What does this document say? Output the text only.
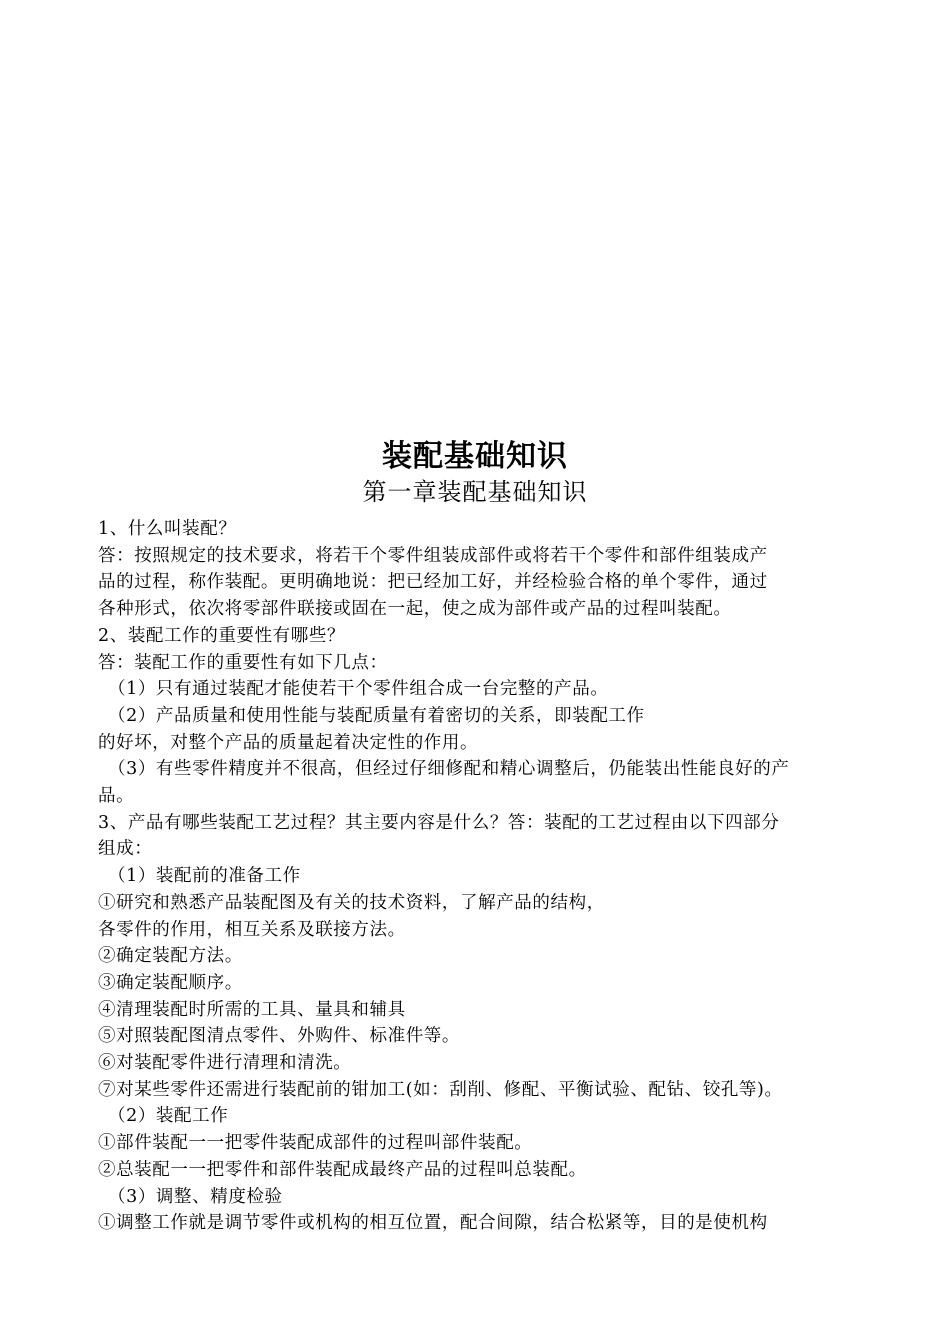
装配基础知识
第一章装配基础知识
1、什么叫装配？
答：按照规定的技术要求，将若干个零件组装成部件或将若干个零件和部件组装成产
品的过程，称作装配。更明确地说：把已经加工好，并经检验合格的单个零件，通过
各种形式，依次将零部件联接或固在一起，使之成为部件或产品的过程叫装配。
2、装配工作的重要性有哪些？
答：装配工作的重要性有如下几点：
（1）只有通过装配才能使若干个零件组合成一台完整的产品。
（2）产品质量和使用性能与装配质量有着密切的关系，即装配工作
的好坏，对整个产品的质量起着决定性的作用。
（3）有些零件精度并不很高，但经过仔细修配和精心调整后，仍能装出性能良好的产
品。
3、产品有哪些装配工艺过程？其主要内容是什么？答：装配的工艺过程由以下四部分
组成：
（1）装配前的准备工作
①研究和熟悉产品装配图及有关的技术资料，了解产品的结构，
各零件的作用，相互关系及联接方法。
②确定装配方法。
③确定装配顺序。
④清理装配时所需的工具、量具和辅具
⑤对照装配图清点零件、外购件、标准件等。
⑥对装配零件进行清理和清洗。
⑦对某些零件还需进行装配前的钳加工(如：刮削、修配、平衡试验、配钻、铰孔等)。
（2）装配工作
①部件装配一一把零件装配成部件的过程叫部件装配。
②总装配一一把零件和部件装配成最终产品的过程叫总装配。
（3）调整、精度检验
①调整工作就是调节零件或机构的相互位置，配合间隙，结合松紧等，目的是使机构
